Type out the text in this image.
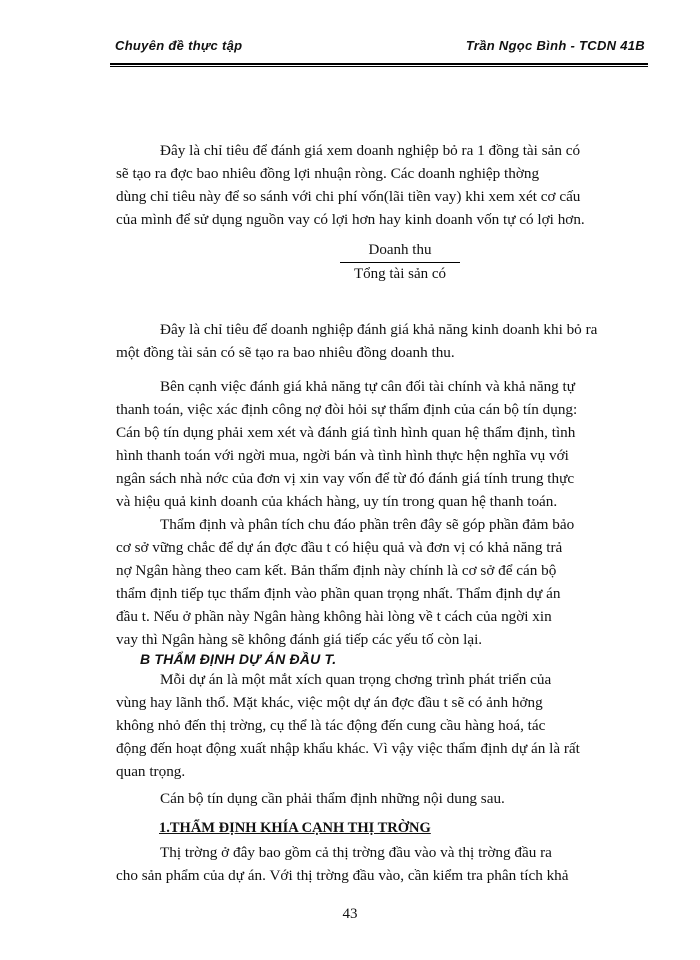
Chuyên đề thực tập	Trần Ngọc Bình - TCDN 41B
Đây là chỉ tiêu để đánh giá xem doanh nghiệp bỏ ra 1 đồng tài sản có
sẽ tạo ra đợc bao nhiêu đồng lợi nhuận ròng. Các doanh nghiệp thờng
dùng chỉ tiêu này để so sánh với chi phí vốn(lãi tiền vay) khi xem xét cơ cấu
của mình để sử dụng nguồn vay có lợi hơn hay kinh doanh vốn tự có lợi hơn.
Doanh thu
Tổng tài sản có
Đây là chỉ tiêu để doanh nghiệp đánh giá khả năng kinh doanh khi bỏ ra
một đồng tài sản có sẽ tạo ra bao nhiêu đồng doanh thu.
Bên cạnh việc đánh giá khả năng tự cân đối tài chính và khả năng tự
thanh toán, việc xác định công nợ đòi hỏi sự thẩm định của cán bộ tín dụng:
Cán bộ tín dụng phải xem xét và đánh giá tình hình quan hệ thẩm định, tình
hình thanh toán với ngời mua, ngời bán và tình hình thực hện nghĩa vụ với
ngân sách nhà nớc của đơn vị xin vay vốn để từ đó đánh giá tính trung thực
và hiệu quả kinh doanh của khách hàng, uy tín trong quan hệ thanh toán.
Thẩm định và phân tích chu đáo phần trên đây sẽ góp phần đảm bảo
cơ sở vững chắc để dự án đợc đầu t có hiệu quả và đơn vị có khả năng trả
nợ Ngân hàng theo cam kết. Bản thẩm định này chính là cơ sở để cán bộ
thẩm định tiếp tục thẩm định vào phần quan trọng nhất. Thẩm định dự án
đầu t. Nếu ở phần này Ngân hàng không hài lòng về t cách của ngời xin
vay thì Ngân hàng sẽ không đánh giá tiếp các yếu tố còn lại.
B THẨM ĐỊNH DỰ ÁN ĐẦU T.
Mỗi dự án là một mắt xích quan trọng chơng trình phát triển của
vùng hay lãnh thổ. Mặt khác, việc một dự án đợc đầu t sẽ có ảnh hởng
không nhỏ đến thị trờng, cụ thể là tác động đến cung cầu hàng hoá, tác
động đến hoạt động xuất nhập khẩu khác. Vì vậy việc thẩm định dự án là rất
quan trọng.
Cán bộ tín dụng cần phải thẩm định những nội dung sau.
1.THẨM ĐỊNH KHÍA CẠNH THỊ TRỜNG
Thị trờng ở đây bao gồm cả thị trờng đầu vào và thị trờng đầu ra
cho sản phẩm của dự án. Với thị trờng đầu vào, cần kiểm tra phân tích khả
43
